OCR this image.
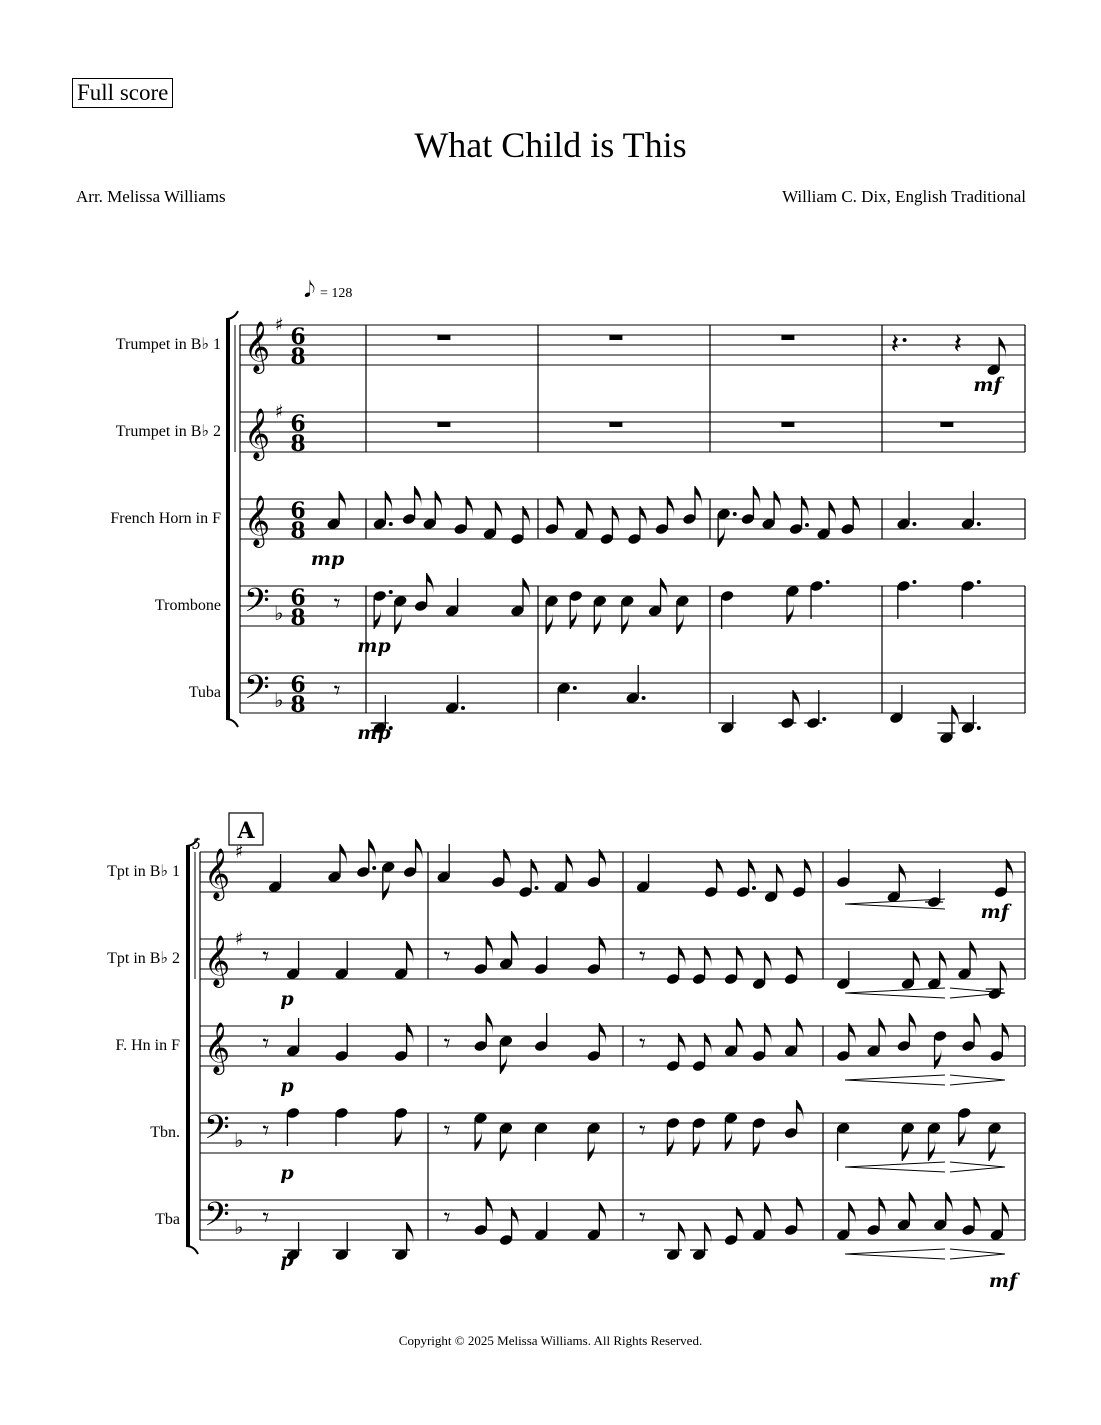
Full score
What Child is This
Arr. Melissa Williams	William C. Dix, English Traditional
Copyright © 2025 Melissa Williams. All Rights Reserved.
Trumpet in B♭ 1 𝄞 ♯ 6
8	𝄽 𝄽
mf
Trumpet in B♭ 2 𝄞 ♯ 6
8
French Horn in F 𝄞 6
8
mp
Trombone 𝄢 ♭
6
8 𝄾
mp
Tuba 𝄢 ♭
6
8 𝄾
mp
Tpt in B♭ 1 𝄞 ♯
mf
Tpt in B♭ 2 𝄞 ♯
𝄾	𝄾	𝄾
p
F. Hn in F 𝄞 𝄾	𝄾	𝄾
p
Tbn. 𝄢 ♭ 𝄾	𝄾	𝄾
p
Tba 𝄢 ♭ 𝄾	𝄾	𝄾
p
mf
𝅘𝅥𝅮 = 128
A
5
